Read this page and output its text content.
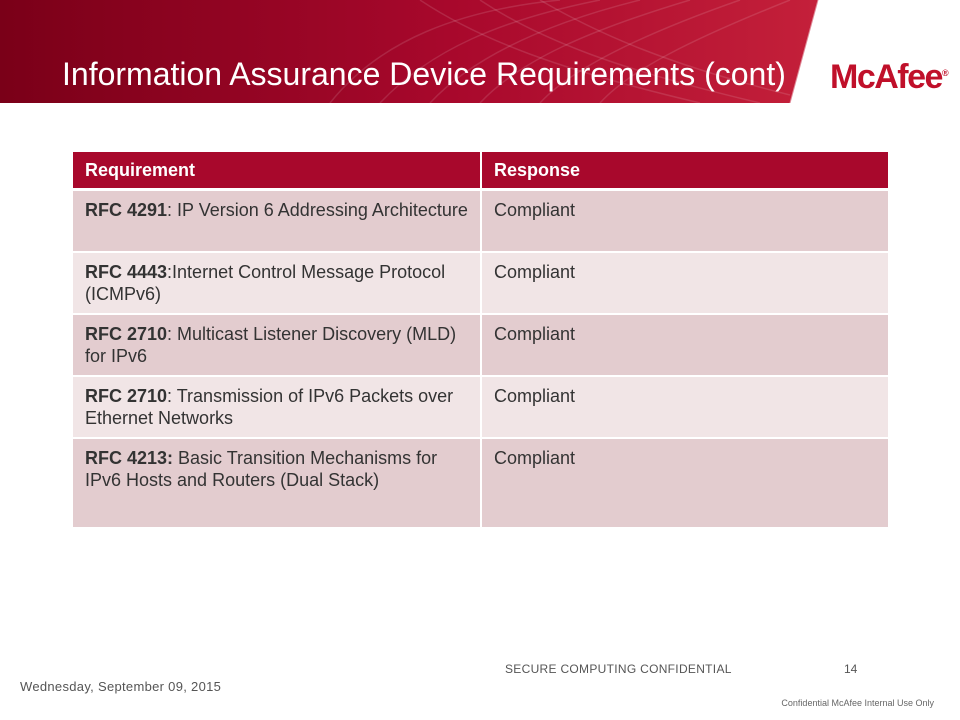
Information Assurance Device Requirements (cont) McAfee®
Requirement	Response
RFC 4291: IP Version 6 Addressing Architecture	Compliant
RFC 4443:Internet Control Message Protocol (ICMPv6)	Compliant
RFC 2710: Multicast Listener Discovery (MLD) for IPv6	Compliant
RFC 2710: Transmission of IPv6 Packets over Ethernet Networks	Compliant
RFC 4213: Basic Transition Mechanisms for IPv6 Hosts and Routers (Dual Stack)	Compliant
SECURE COMPUTING CONFIDENTIAL	14
Wednesday, September 09, 2015
Confidential McAfee Internal Use Only
